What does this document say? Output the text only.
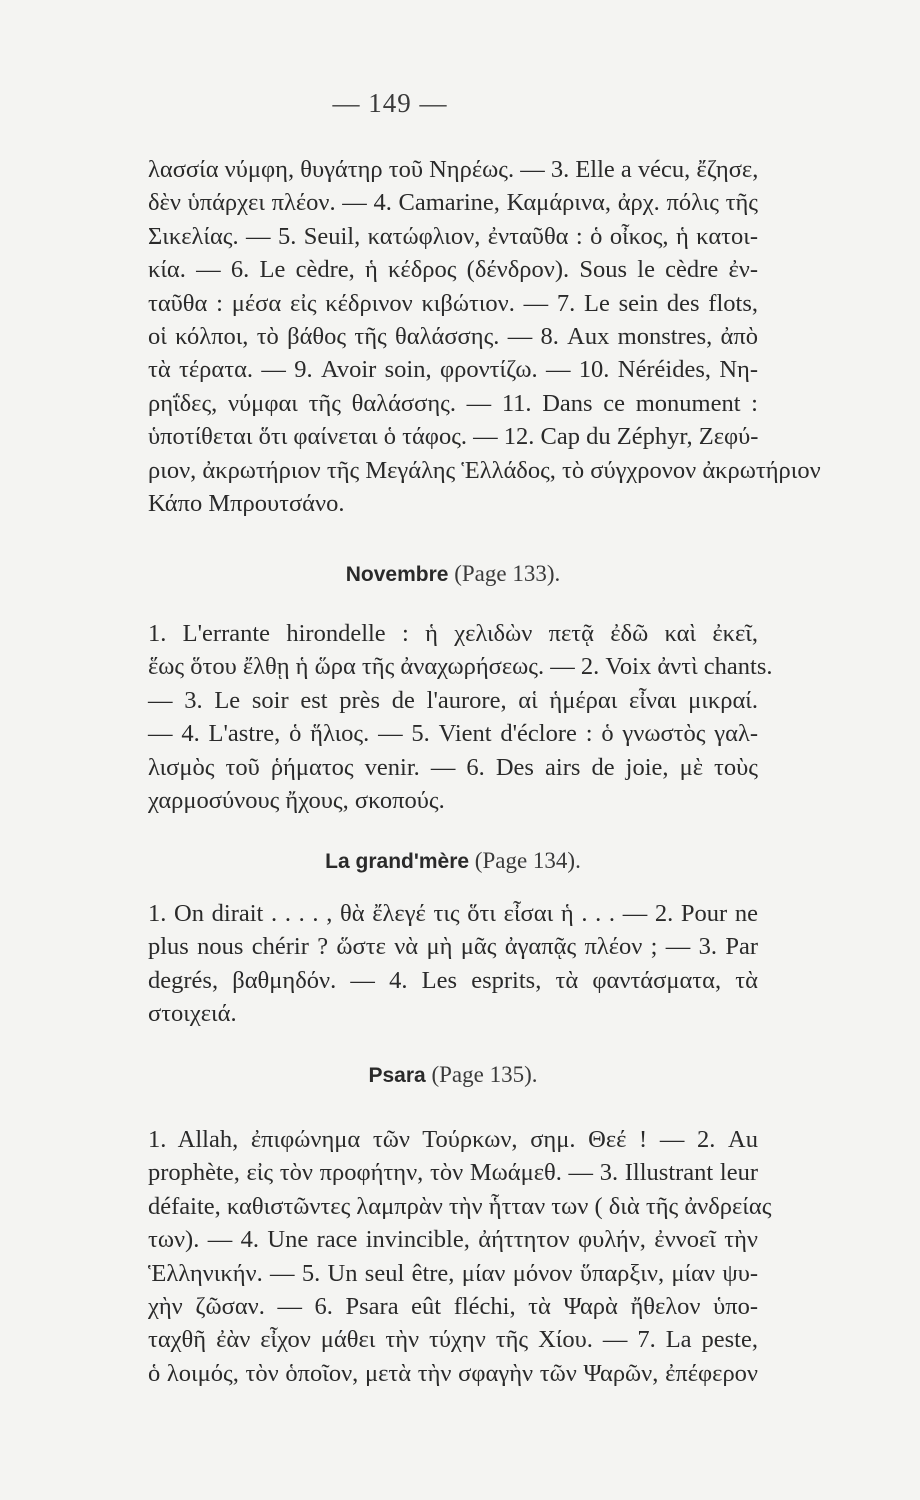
— 149 —
λασσία νύμφη, θυγάτηρ τοῦ Νηρέως. — 3. Elle a vécu, ἔζησε,
δὲν ὑπάρχει πλέον. — 4. Camarine, Καμάρινα, ἀρχ. πόλις τῆς
Σικελίας. — 5. Seuil, κατώφλιον, ἐνταῦθα : ὁ οἶκος, ἡ κατοι-
κία. — 6. Le cèdre, ἡ κέδρος (δένδρον). Sous le cèdre ἐν-
ταῦθα : μέσα εἰς κέδρινον κιβώτιον. — 7. Le sein des flots,
οἱ κόλποι, τὸ βάθος τῆς θαλάσσης. — 8. Aux monstres, ἀπὸ
τὰ τέρατα. — 9. Avoir soin, φροντίζω. — 10. Néréides, Νη-
ρηΐδες, νύμφαι τῆς θαλάσσης. — 11. Dans ce monument :
ὑποτίθεται ὅτι φαίνεται ὁ τάφος. — 12. Cap du Zéphyr, Ζεφύ-
ριον, ἀκρωτήριον τῆς Μεγάλης Ἑλλάδος, τὸ σύγχρονον ἀκρωτήριον
Κάπο Μπρουτσάνο.
Novembre (Page 133).
1. L'errante hirondelle : ἡ χελιδὼν πετᾷ ἐδῶ καὶ ἐκεῖ,
ἕως ὅτου ἔλθῃ ἡ ὥρα τῆς ἀναχωρήσεως. — 2. Voix ἀντὶ chants.
— 3. Le soir est près de l'aurore, αἱ ἡμέραι εἶναι μικραί.
— 4. L'astre, ὁ ἥλιος. — 5. Vient d'éclore : ὁ γνωστὸς γαλ-
λισμὸς τοῦ ῥήματος venir. — 6. Des airs de joie, μὲ τοὺς
χαρμοσύνους ἤχους, σκοπούς.
La grand'mère (Page 134).
1. On dirait . . . . , θὰ ἔλεγέ τις ὅτι εἶσαι ἡ . . . — 2. Pour ne
plus nous chérir ? ὥστε νὰ μὴ μᾶς ἀγαπᾷς πλέον ; — 3. Par
degrés, βαθμηδόν. — 4. Les esprits, τὰ φαντάσματα, τὰ
στοιχειά.
Psara (Page 135).
1. Allah, ἐπιφώνημα τῶν Τούρκων, σημ. Θεέ ! — 2. Au
prophète, εἰς τὸν προφήτην, τὸν Μωάμεθ. — 3. Illustrant leur
défaite, καθιστῶντες λαμπρὰν τὴν ἧτταν των ( διὰ τῆς ἀνδρείας
των). — 4. Une race invincible, ἀήττητον φυλήν, ἐννοεῖ τὴν
Ἑλληνικήν. — 5. Un seul être, μίαν μόνον ὕπαρξιν, μίαν ψυ-
χὴν ζῶσαν. — 6. Psara eût fléchi, τὰ Ψαρὰ ἤθελον ὑπο-
ταχθῆ ἐὰν εἶχον μάθει τὴν τύχην τῆς Χίου. — 7. La peste,
ὁ λοιμός, τὸν ὁποῖον, μετὰ τὴν σφαγὴν τῶν Ψαρῶν, ἐπέφερον
